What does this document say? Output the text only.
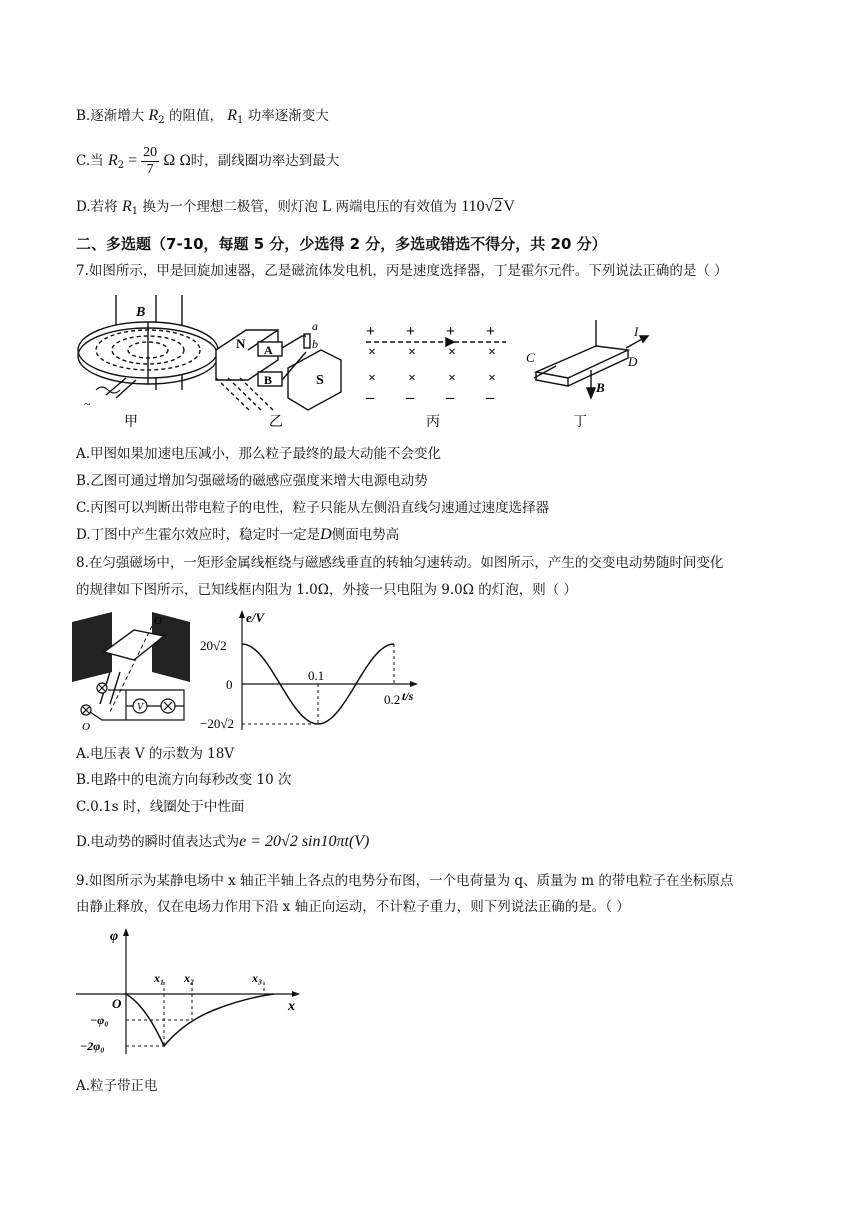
B.逐渐增大 $R_2$ 的阻值， $R_1$ 功率逐渐变大
C.当 $R_2 = \frac{20}{7}$ Ω Ω时，副线圈功率达到最大
D.若将 $R_1$ 换为一个理想二极管，则灯泡 L 两端电压的有效值为 110√2V
二、多选题（7-10，每题 5 分，少选得 2 分，多选或错选不得分，共 20 分）
7.如图所示，甲是回旋加速器，乙是磁流体发电机，丙是速度选择器，丁是霍尔元件。下列说法正确的是（ ）
B
~
甲
N A
B	S
a
b
乙
+ + + +
× × × ×
× × × ×
– – – –
丙
I
C	D
B
丁
A.甲图如果加速电压减小，那么粒子最终的最大动能不会变化
B.乙图可通过增加匀强磁场的磁感应强度来增大电源电动势
C.丙图可以判断出带电粒子的电性，粒子只能从左侧沿直线匀速通过速度选择器
D.丁图中产生霍尔效应时，稳定时一定是D侧面电势高
8.在匀强磁场中，一矩形金属线框绕与磁感线垂直的转轴匀速转动。如图所示，产生的交变电动势随时间变化
的规律如下图所示，已知线框内阻为 1.0Ω，外接一只电阻为 9.0Ω 的灯泡，则（ ）
V
O′
O
e/V
t/s
20√2
−20√2
0
0.1
0.2
A.电压表 V 的示数为 18V
B.电路中的电流方向每秒改变 10 次
C.0.1s 时，线圈处于中性面
D.电动势的瞬时值表达式为e = 20√2 sin10πt(V)
9.如图所示为某静电场中 x 轴正半轴上各点的电势分布图，一个电荷量为 q、质量为 m 的带电粒子在坐标原点
由静止释放，仅在电场力作用下沿 x 轴正向运动，不计粒子重力，则下列说法正确的是。（ ）
φ
x
O
x₁ x₂	x₃
−φ₀
−2φ₀
A.粒子带正电
